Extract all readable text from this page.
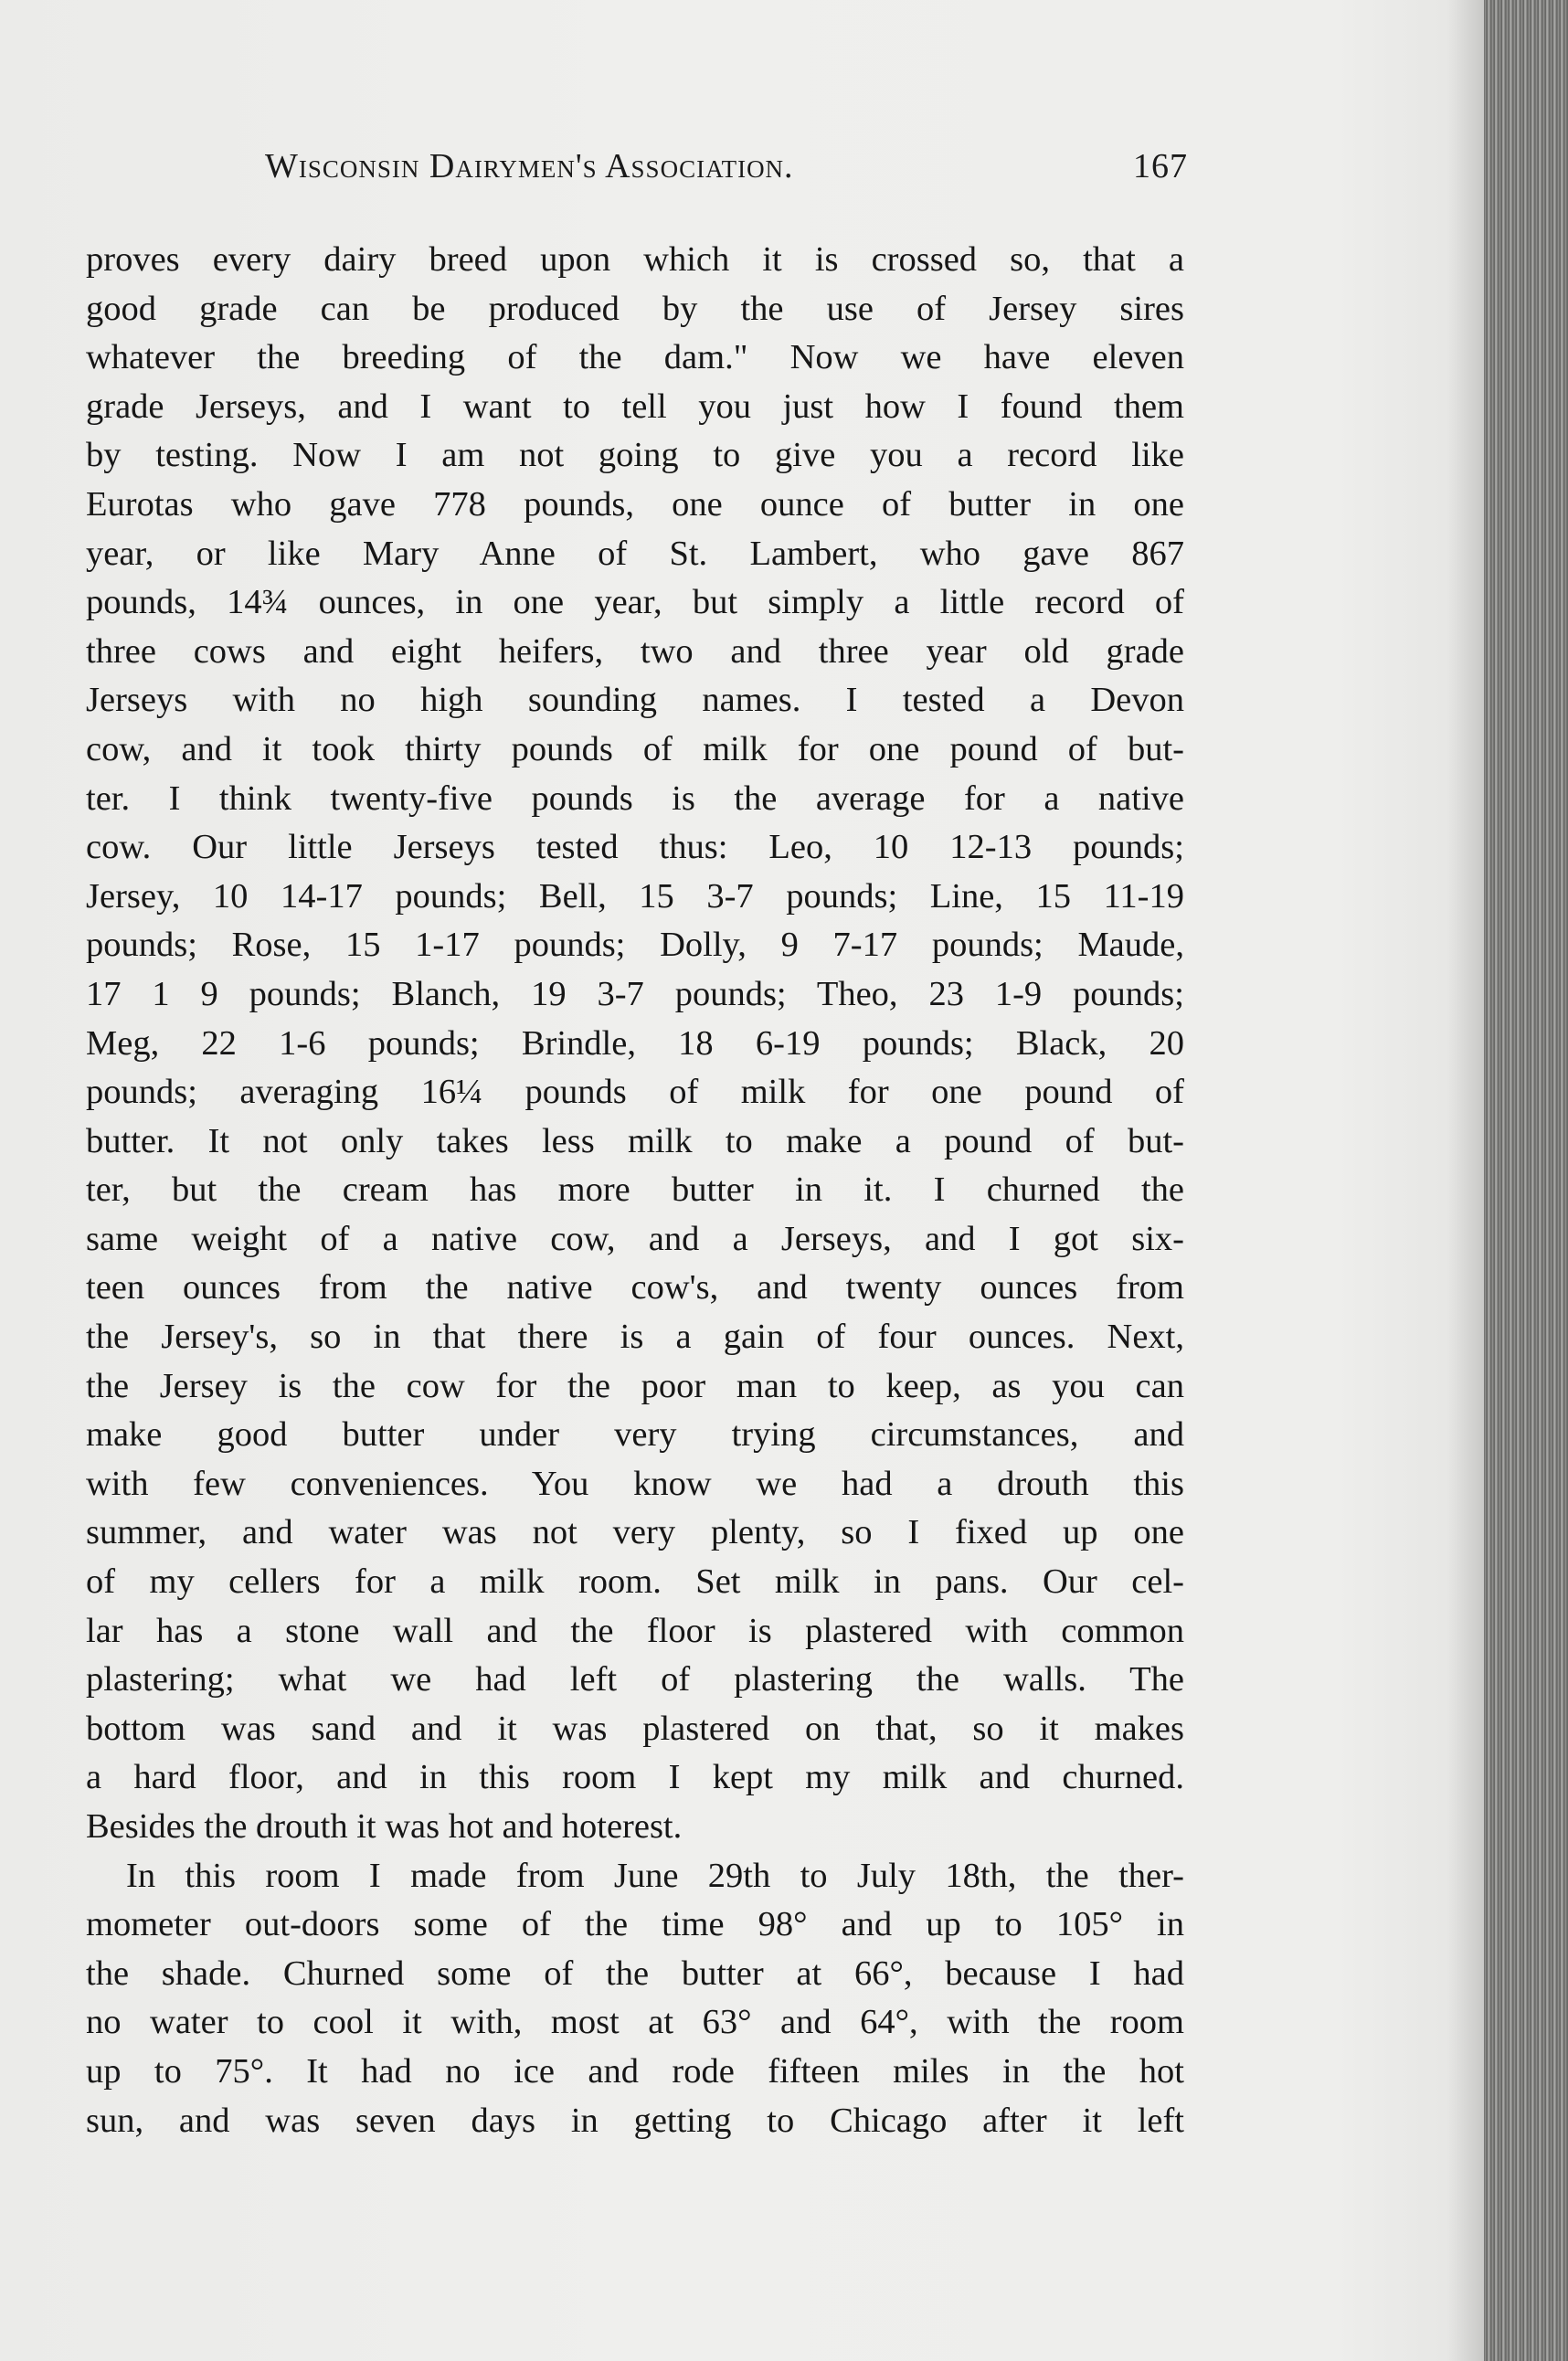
Wisconsin Dairymen's Association.	167
proves every dairy breed upon which it is crossed so, that a
good grade can be produced by the use of Jersey sires
whatever the breeding of the dam." Now we have eleven
grade Jerseys, and I want to tell you just how I found them
by testing. Now I am not going to give you a record like
Eurotas who gave 778 pounds, one ounce of butter in one
year, or like Mary Anne of St. Lambert, who gave 867
pounds, 14¾ ounces, in one year, but simply a little record of
three cows and eight heifers, two and three year old grade
Jerseys with no high sounding names. I tested a Devon
cow, and it took thirty pounds of milk for one pound of but-
ter. I think twenty-five pounds is the average for a native
cow. Our little Jerseys tested thus: Leo, 10 12-13 pounds;
Jersey, 10 14-17 pounds; Bell, 15 3-7 pounds; Line, 15 11-19
pounds; Rose, 15 1-17 pounds; Dolly, 9 7-17 pounds; Maude,
17 1 9 pounds; Blanch, 19 3-7 pounds; Theo, 23 1-9 pounds;
Meg, 22 1-6 pounds; Brindle, 18 6-19 pounds; Black, 20
pounds; averaging 16¼ pounds of milk for one pound of
butter. It not only takes less milk to make a pound of but-
ter, but the cream has more butter in it. I churned the
same weight of a native cow, and a Jerseys, and I got six-
teen ounces from the native cow's, and twenty ounces from
the Jersey's, so in that there is a gain of four ounces. Next,
the Jersey is the cow for the poor man to keep, as you can
make good butter under very trying circumstances, and
with few conveniences. You know we had a drouth this
summer, and water was not very plenty, so I fixed up one
of my cellers for a milk room. Set milk in pans. Our cel-
lar has a stone wall and the floor is plastered with common
plastering; what we had left of plastering the walls. The
bottom was sand and it was plastered on that, so it makes
a hard floor, and in this room I kept my milk and churned.
Besides the drouth it was hot and hoterest.
In this room I made from June 29th to July 18th, the ther-
mometer out-doors some of the time 98° and up to 105° in
the shade. Churned some of the butter at 66°, because I had
no water to cool it with, most at 63° and 64°, with the room
up to 75°. It had no ice and rode fifteen miles in the hot
sun, and was seven days in getting to Chicago after it left
